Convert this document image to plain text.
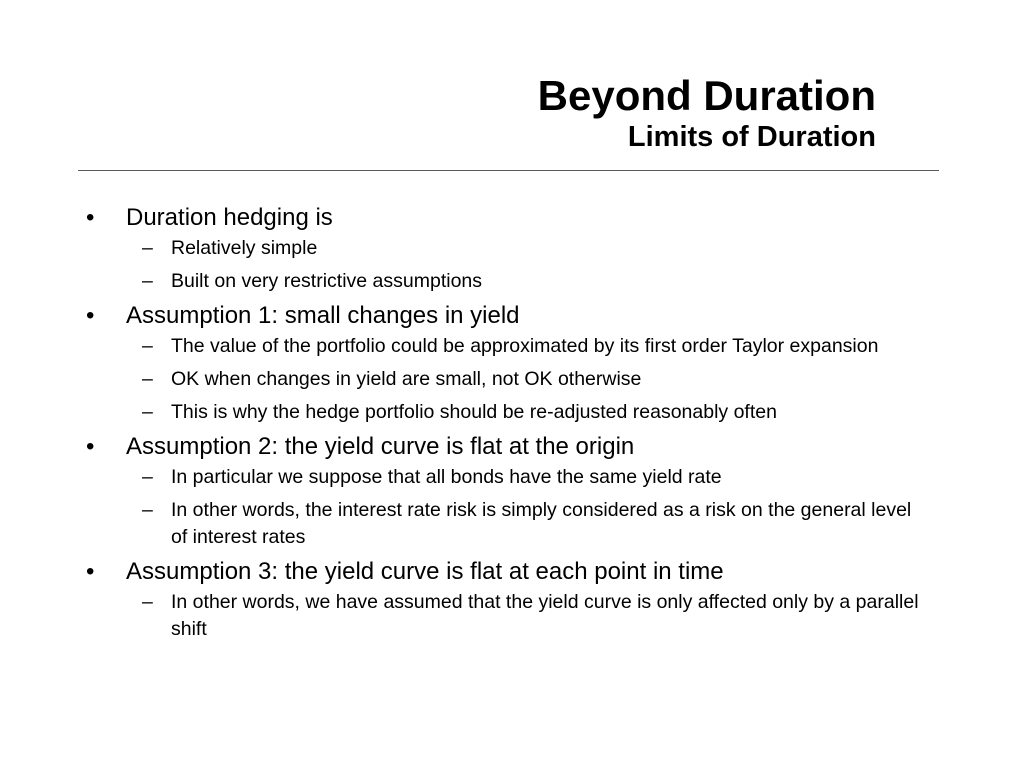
Beyond Duration
Limits of Duration
•	Duration hedging is
– Relatively simple
– Built on very restrictive assumptions
•	Assumption 1: small changes in yield
– The value of the portfolio could be approximated by its first order Taylor expansion
– OK when changes in yield are small, not OK otherwise
– This is why the hedge portfolio should be re-adjusted reasonably often
•	Assumption 2: the yield curve is flat at the origin
– In particular we suppose that all bonds have the same yield rate
– In other words, the interest rate risk is simply considered as a risk on the general level of interest rates
•	Assumption 3: the yield curve is flat at each point in time
– In other words, we have assumed that the yield curve is only affected only by a parallel shift
